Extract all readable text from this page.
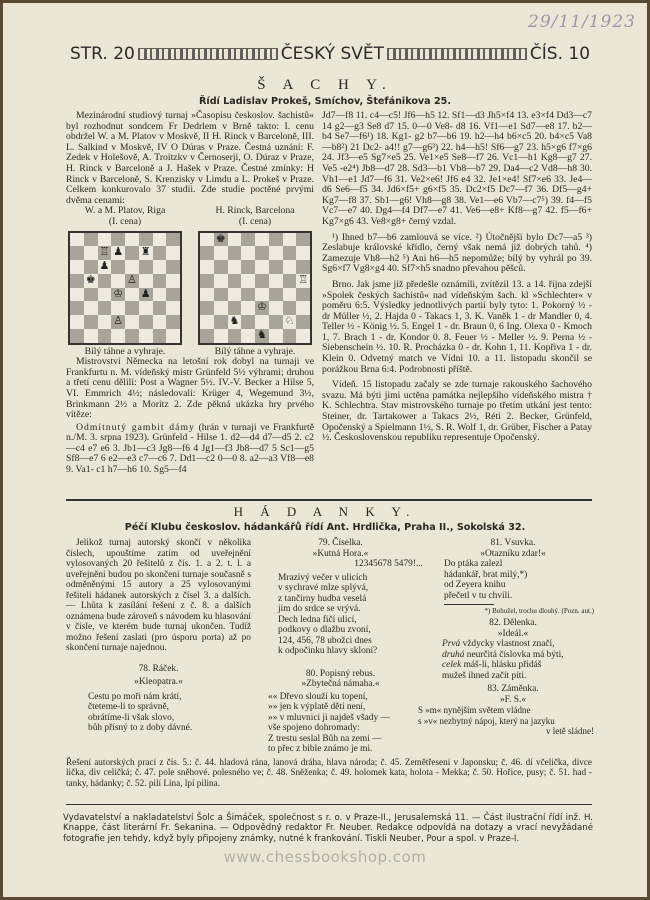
29/11/1923
STR. 20	ČESKÝ SVĚT	ČÍS. 10
Š A C H Y.
Řídí Ladislav Prokeš, Smíchov, Štefánikova 25.

Mezinárodní studiový turnaj »Časopisu českoslov. šachistů« byl rozhodnut sondcem Fr Dedrlem v Brně takto: I. cenu obdržel W. a M. Platov v Moskvě, II H. Rinck v Barceloně, III. L. Salkind v Moskvě, IV O Dúras v Praze. Čestná uznání: F. Zedek v Holešově, A. Troitzkv v Černoserji, O. Dúraz v Praze, H. Rinck v Barceloně a J. Hašek v Praze. Čestné zmínky: H Rinck v Barceloně, S. Krenzisky v Limdu a L. Prokeš v Praze. Celkem konkurovalo 37 studii. Zde studie poctěné prvými dvěma cenami:

W. a M. Platov, Riga
(I. cena)
♖ ♟ ♜
♟
♚	♙
♔ ♟
♙
Bílý táhne a vyhraje.
H. Rinck, Barcelona
(I. cena)
♚
♖
♔
♞	♘
♞
Bílý táhne a vyhraje.

Mistrovství Německa na letošní rok dobyl na turnaji ve Frankfurtu n. M. vídeňský mistr Grünfeld 5½ výhrami; druhou a třetí cenu dělili: Post a Wagner 5½. IV.-V. Becker a Hilse 5, VI. Emmrich 4½; následovali: Krüger 4, Wegemund 3½, Brinkmann 2½ a Moritz 2. Zde pěkná ukázka hry prvého vítěze:

Odmítnutý gambit dámy (hrán v turnaji ve Frankfurtě n./M. 3. srpna 1923). Grünfeld - Hilse 1. d2—d4 d7—d5 2. c2—c4 e7 e6 3. Jb1—c3 Jg8—f6 4 Jg1—f3 Jb8—d7 5 Sc1—g5 Sf8—e7 6 e2—e3 c7—c6 7. Dd1—c2 0—0 8. a2—a3 Vf8—e8 9. Va1- c1 h7—h6 10. Sg5—f4

Jd7—f8 11. c4—c5! Jf6—h5 12. Sf1—d3 Jh5×f4 13. e3×f4 Dd3—c7 14 g2—g3 Se8 d7 15. 0—0 Ve8- d8 16. Vf1—e1 Sd7—e8 17. b2—b4 Se7—f6¹) 18. Kg1- g2 b7—b6 19. h2—h4 b6×c5 20. b4×c5 Va8—b8²) 21 Dc2- a4!! g7—g6³) 22. h4—h5! Sf6—g7 23. h5×g6 f7×g6 24. Jf3—e5 Sg7×e5 25. Ve1×e5 Se8—f7 26. Vc1—h1 Kg8—g7 27. Ve5 -e2⁴) Jb8—d7 28. Sd3—b1 Vb8—b7 29. Da4—c2 Vd8—h8 30. Vh1—e1 Jd7—f6 31. Ve2×e6! Jf6 e4 32. Je1×e4! Sf7×e6 33. Je4—d6 Se6—f5 34. Jd6×f5+ g6×f5 35. Dc2×f5 Dc7—f7 36. Df5—g4+ Kg7—f8 37. Sb1—g6! Vh8—g8 38. Ve1—e6 Vb7—c7⁵) 39. f4—f5 Vc7—e7 40. Dg4—f4 Df7—e7 41. Ve6—e8+ Kf8—g7 42. f5—f6+ Kg7×g6 43. Ve8×g8+ černý vzdal.

¹) Ihned b7—b6 zamlouvá se více. ²) Útočnější bylo Dc7—a5 ³) Zeslabuje královské křídlo, černý však nemá již dobrých tahů. ⁴) Zamezuje Vh8—h2 ⁵) Ani h6—h5 nepomůže; bílý by vyhrál po 39. Sg6×f7 Vg8×g4 40. Sf7×h5 snadno převahou pěšců.

Brno. Jak jsme již předešle oznámili, zvítězil 13. a 14. října zdejší »Spolek českých šachistů« nad vídeňským šach. kl »Schlechter« v poměru 6:5. Výsledky jednotlivých partií byly tyto: 1. Pokorný ½ - dr Müller ½, 2. Hajda 0 - Takacs 1, 3. K. Vaněk 1 - dr Mandler 0, 4. Teller ½ - König ½. 5. Engel 1 - dr. Braun 0, 6 Ing. Olexa 0 - Kmoch 1, 7. Brach 1 - dr. Kondor 0. 8. Feuer ½ - Meller ½. 9. Perna ½ - Siebenschein ½. 10. R. Procházka 0 - dr. Kohn 1, 11. Kopřiva 1 - dr. Klein 0. Odvetný match ve Vídni 10. a 11. listopadu skončil se porážkou Brna 6:4. Podrobnosti příště.

Vídeň. 15 listopadu začaly se zde turnaje rakouského šachového svazu. Má býti jimi uctěna památka nejlepšího vídeňského mistra † K. Schlechtra. Stav mistrovského turnaje po třetím utkání jest tento: Steiner, dr. Tartakower a Takacs 2½, Réti 2. Becker, Grünfeld, Opočenský a Spielmann 1½, S. R. Wolf 1, dr. Grüber, Fischer a Patay ½. Československou republiku representuje Opočenský.

H Á D A N K Y.
Péčí Klubu českoslov. hádankářů řídí Ant. Hrdlička, Praha II., Sokolská 32.

Jelikož turnaj autorský skončí v několika číslech, upouštíme zatím od uveřejnění vylosovaných 20 řešitelů z čís. 1. a 2. t. l. a uveřejněni budou po skončení turnaje současně s odměněnými 15 autory a 25 vylosovanými řešiteli hádanek autorských z čísel 3. a dalších. — Lhůta k zasílání řešení z č. 8. a dalších oznámena bude zároveň s návodem ku hlasování v čísle, ve kterém bude turnaj ukončen. Tudíž možno řešení zaslati (pro úsporu porta) až po skončení turnaje najednou.

78. Ráček.
»Kleopatra.«
Cestu po moři nám krátí,
čteteme-li to správně,
obrátíme-li však slovo,
bůh přísný to z doby dávné.
79. Číselka.
»Kutná Hora.«
12345678 5479!...
Mrazivý večer v ulicích
v sychravé mlze splývá,
z tančírny hudba veselá
jim do srdce se vrývá.
Dech ledna fičí ulicí,
podkovy o dlažbu zvoní,
124, 456, 78 ubožci dnes
k odpočinku hlavy skloní?
80. Popisný rebus.
»Zbytečná námaha.«
«« Dřevo slouží ku topení,
»» jen k výplatě děti není,
»» v mluvnici ji najdeš všady —
vše spojeno dohromady:
Z trestu seslal Bůh na zemi —
to přec z bible známo je mi.
81. Vsuvka.
»Otazníku zdar!«
Do ptáka zalezl
hádankář, brat milý,*)
od Zeyera knihu
přečetl v tu chvíli.
*) Bohužel, trochu dlouhý. (Pozn. aut.)
82. Dělenka.
»Ideál.«
Prvá vždycky vlastnost značí,
druhá neurčitá číslovka má býti,
celek máš-li, hlásku přidáš
mužeš ihned začít píti.
83. Záměnka.
»F. S.«
S »m« nynějším světem vládne
s »v« nezbytný nápoj, který na jazyku
v letě sládne!

Řešení autorských prací z čís. 5.: č. 44. hladová rána, lanová dráha, hlava národa; č. 45. Zemětřesení v Japonsku; č. 46. dí včelička, dívce lička, div celičká; č. 47. pole sněhové. polesného ve; č. 48. Sněženka; č. 49. holomek kata, holota - Mekka; č. 50. Hořice, pusy; č. 51. had - tanky, hádanky; č. 52. pilí Lina, lpí pilina.

Vydavatelství a nakladatelství Šolc a Šimáček, společnost s r. o. v Praze-II., Jerusalemská 11. — Část ilustrační řídí inž. H. Knappe, část literární Fr. Sekanina. — Odpovědný redaktor Fr. Neuber. Redakce odpovídá na dotazy a vrací nevyžádané fotografie jen tehdy, když byly připojeny známky, nutné k frankování. Tiskli Neuber, Pour a spol. v Praze-I.
www.chessbookshop.com
